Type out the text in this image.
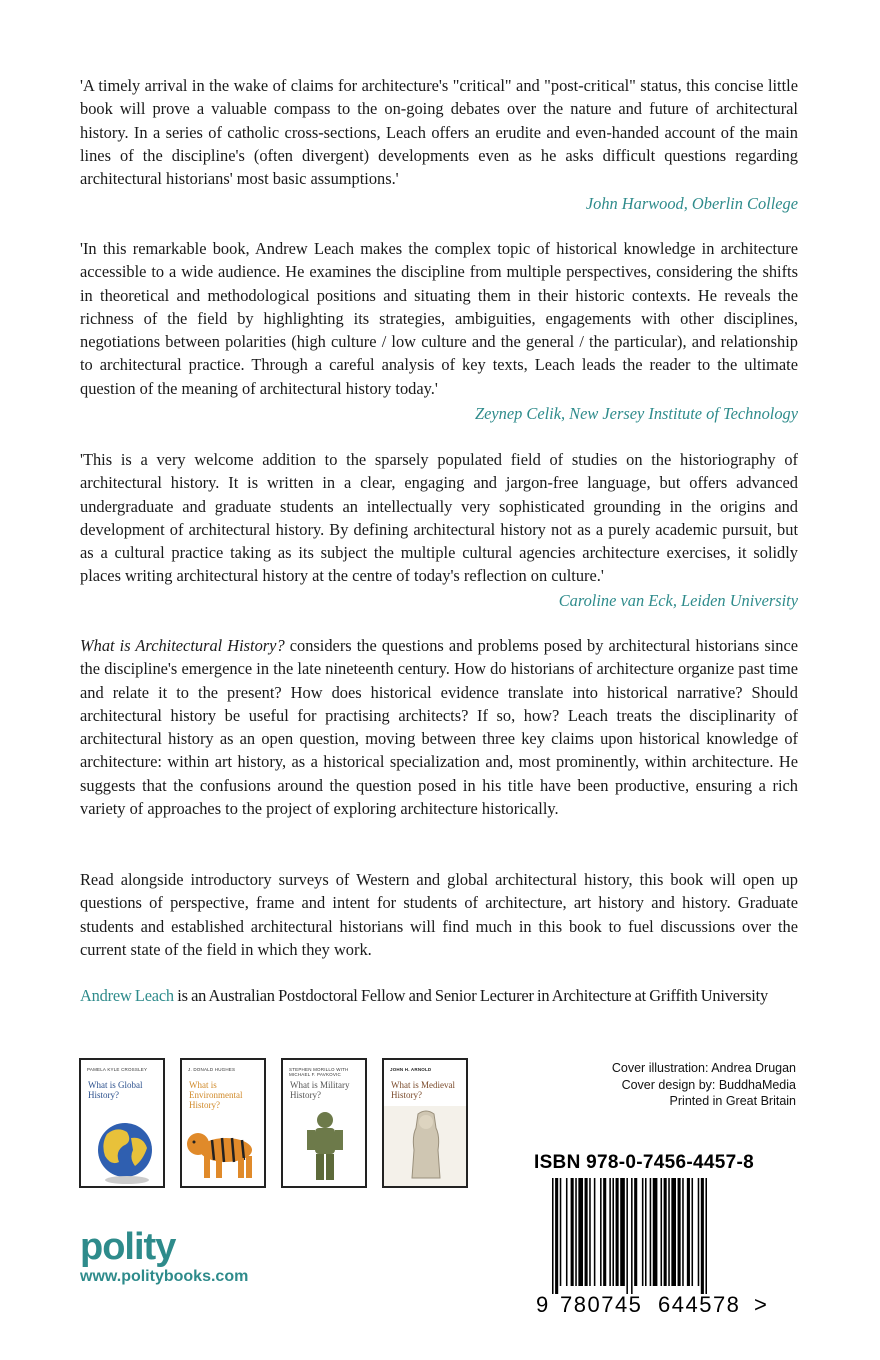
'A timely arrival in the wake of claims for architecture's "critical" and "post-critical" status, this concise little book will prove a valuable compass to the on-going debates over the nature and future of architectural history. In a series of catholic cross-sections, Leach offers an erudite and even-handed account of the main lines of the discipline's (often divergent) developments even as he asks difficult questions regarding architectural historians' most basic assumptions.'

John Harwood, Oberlin College

'In this remarkable book, Andrew Leach makes the complex topic of historical knowledge in architecture accessible to a wide audience. He examines the discipline from multiple perspectives, considering the shifts in theoretical and methodological positions and situating them in their historic contexts. He reveals the richness of the field by highlighting its strategies, ambiguities, engagements with other disciplines, negotiations between polarities (high culture / low culture and the general / the particular), and relationship to architectural practice. Through a careful analysis of key texts, Leach leads the reader to the ultimate question of the meaning of architectural history today.'

Zeynep Celik, New Jersey Institute of Technology

'This is a very welcome addition to the sparsely populated field of studies on the historiography of architectural history. It is written in a clear, engaging and jargon-free language, but offers advanced undergraduate and graduate students an intellectually very sophisticated grounding in the origins and development of architectural history. By defining architectural history not as a purely academic pursuit, but as a cultural practice taking as its subject the multiple cultural agencies architecture exercises, it solidly places writing architectural history at the centre of today's reflection on culture.'

Caroline van Eck, Leiden University

What is Architectural History? considers the questions and problems posed by architectural historians since the discipline's emergence in the late nineteenth century. How do historians of architecture organize past time and relate it to the present? How does historical evidence translate into historical narrative? Should architectural history be useful for practising architects? If so, how? Leach treats the disciplinarity of architectural history as an open question, moving between three key claims upon historical knowledge of architecture: within art history, as a historical specialization and, most prominently, within architecture. He suggests that the confusions around the question posed in his title have been productive, ensuring a rich variety of approaches to the project of exploring architecture historically.

Read alongside introductory surveys of Western and global architectural history, this book will open up questions of perspective, frame and intent for students of architecture, art history and history. Graduate students and established architectural historians will find much in this book to fuel discussions over the current state of the field in which they work.

Andrew Leach is an Australian Postdoctoral Fellow and Senior Lecturer in Architecture at Griffith University

PAMELA KYLE CROSSLEY
What is Global History?
J. DONALD HUGHES
What is Environmental History?
STEPHEN MORILLO WITH MICHAEL F. PAVKOVIC
What is Military History?
JOHN H. ARNOLD
What is Medieval History?
Cover illustration: Andrea Drugan
Cover design by: BuddhaMedia
Printed in Great Britain
ISBN 978-0-7456-4457-8
9 780745 644578 >
polity
www.politybooks.com
